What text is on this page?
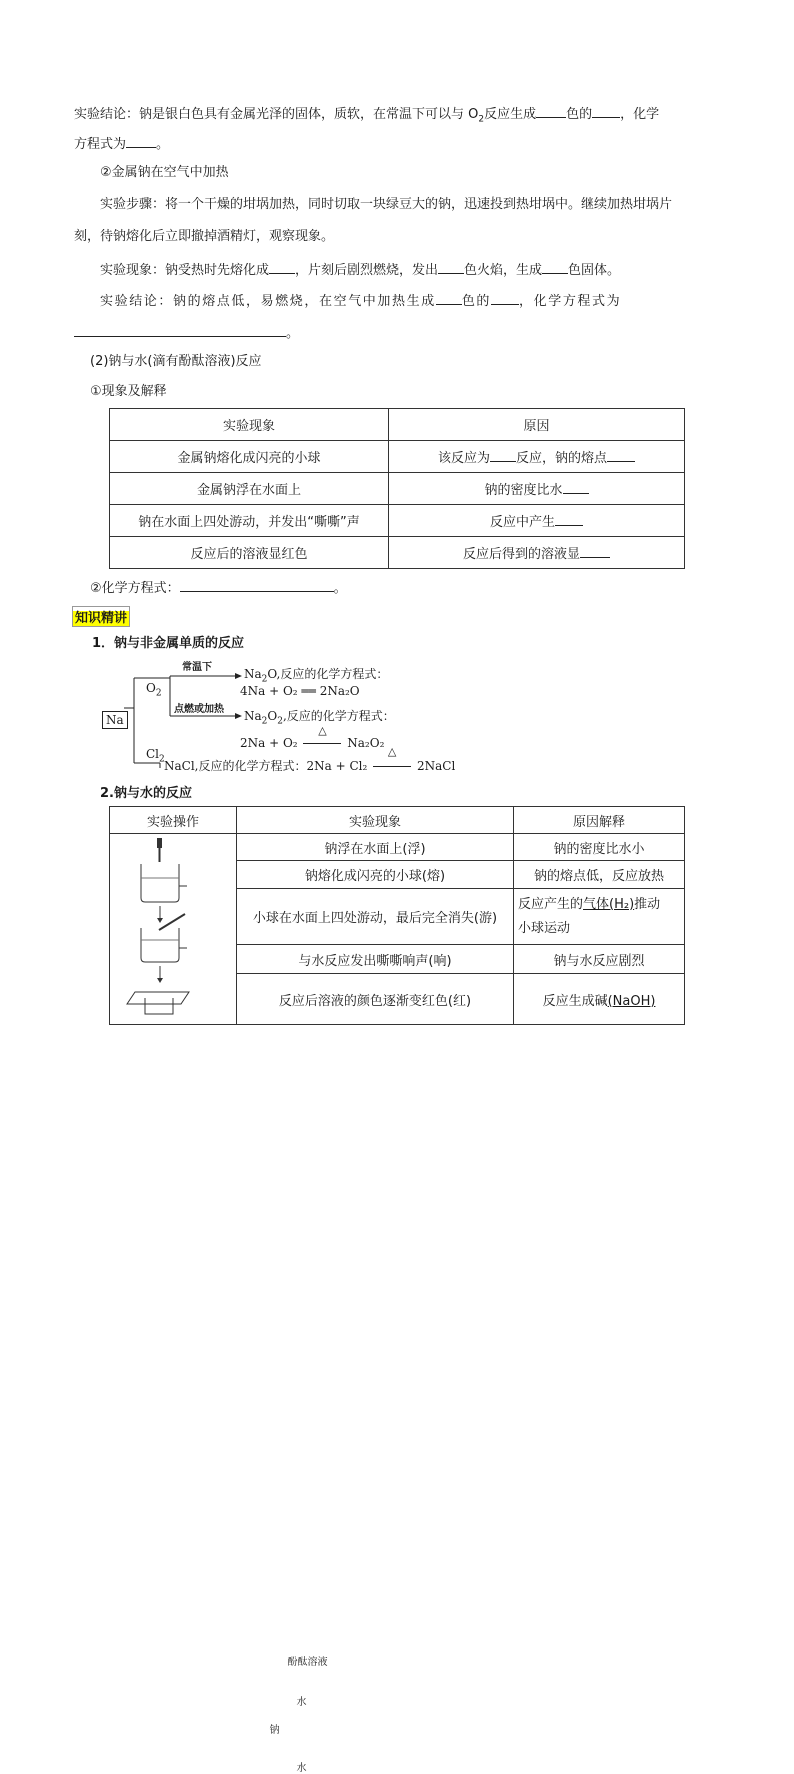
实验结论：钠是银白色具有金属光泽的固体，质软，在常温下可以与 $O_2$反应生成 色的 ，化学
方程式为 。
②金属钠在空气中加热
实验步骤：将一个干燥的坩埚加热，同时切取一块绿豆大的钠，迅速投到热坩埚中。继续加热坩埚片
刻，待钠熔化后立即撤掉酒精灯，观察现象。
实验现象：钠受热时先熔化成 ，片刻后剧烈燃烧，发出 色火焰，生成 色固体。
实验结论：钠的熔点低，易燃烧，在空气中加热生成 色的 ，化学方程式为
。
(2)钠与水(滴有酚酞溶液)反应
①现象及解释
实验现象	原因
金属钠熔化成闪亮的小球	该反应为 反应，钠的熔点
金属钠浮在水面上	钠的密度比水
钠在水面上四处游动，并发出“嘶嘶”声	反应中产生
反应后的溶液显红色	反应后得到的溶液显
②化学方程式：	。
知识精讲
1．钠与非金属单质的反应
Na
$O_2$
$Cl_2$
常温下
点燃或加热
$Na_2O$,反应的化学方程式：
4Na + O₂ ══ 2Na₂O
$Na_2O_2$,反应的化学方程式：
2Na + O₂
△
Na₂O₂
NaCl,反应的化学方程式：2Na + Cl₂
△
2NaCl
2.钠与水的反应
实验操作	实验现象	原因解释

酚酞溶液
水
钠
水	钠浮在水面上(浮)	钠的密度比水小
	钠熔化成闪亮的小球(熔)	钠的熔点低，反应放热
	小球在水面上四处游动，最后完全消失(游)	反应产生的气体(H₂)推动
小球运动
	与水反应发出嘶嘶响声(响)	钠与水反应剧烈
	反应后溶液的颜色逐渐变红色(红)	反应生成碱(NaOH)
